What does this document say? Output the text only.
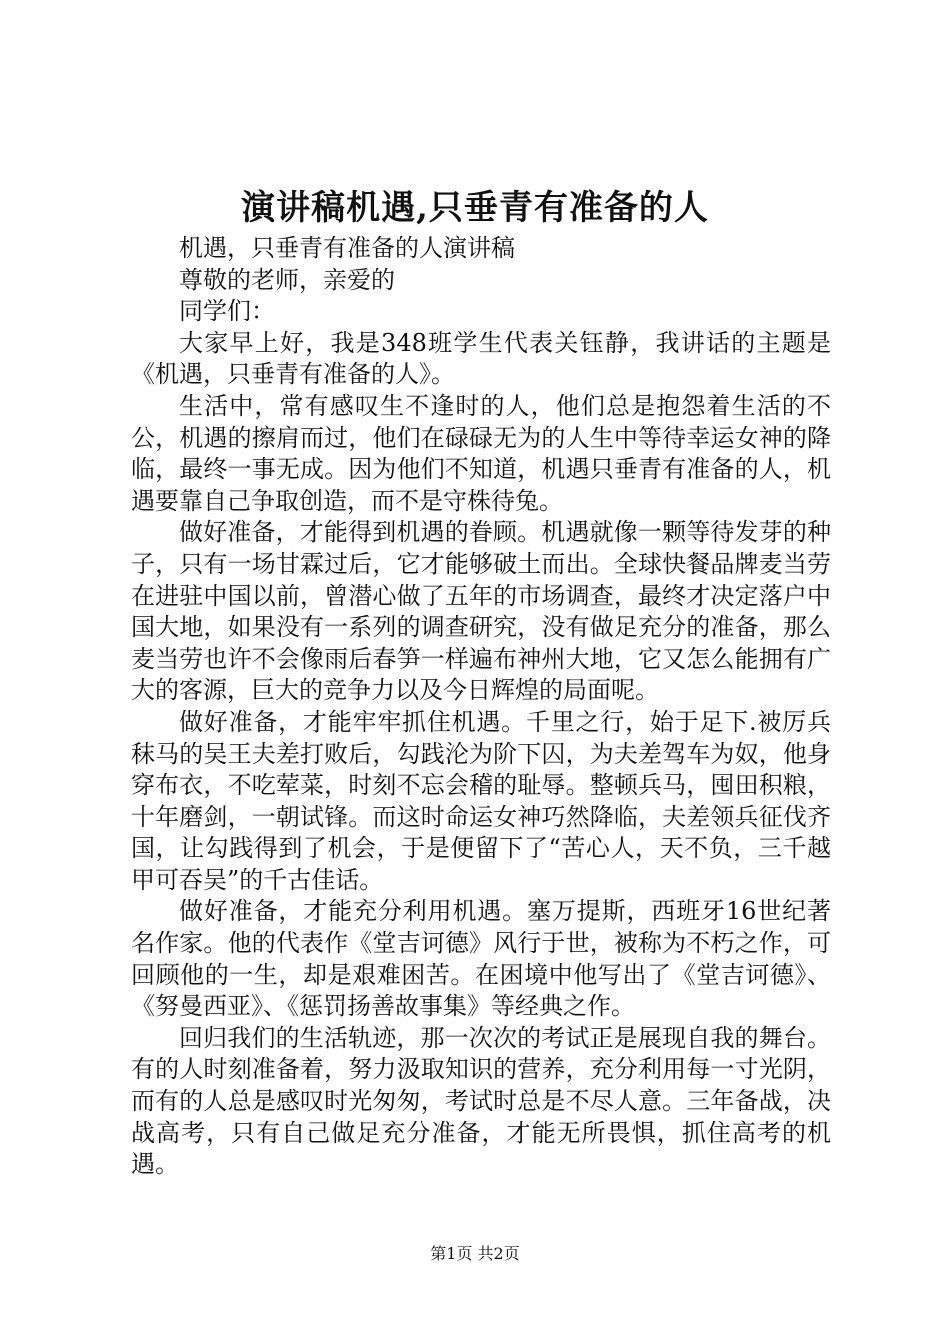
演讲稿机遇,只垂青有准备的人

机遇，只垂青有准备的人演讲稿

尊敬的老师，亲爱的

同学们：

大家早上好，我是348班学生代表关钰静，我讲话的主题是《机遇，只垂青有准备的人》。

生活中，常有感叹生不逢时的人，他们总是抱怨着生活的不公，机遇的擦肩而过，他们在碌碌无为的人生中等待幸运女神的降临，最终一事无成。因为他们不知道，机遇只垂青有准备的人，机遇要靠自己争取创造，而不是守株待兔。

做好准备，才能得到机遇的眷顾。机遇就像一颗等待发芽的种子，只有一场甘霖过后，它才能够破土而出。全球快餐品牌麦当劳在进驻中国以前，曾潜心做了五年的市场调查，最终才决定落户中国大地，如果没有一系列的调查研究，没有做足充分的准备，那么麦当劳也许不会像雨后春笋一样遍布神州大地，它又怎么能拥有广大的客源，巨大的竞争力以及今日辉煌的局面呢。

做好准备，才能牢牢抓住机遇。千里之行，始于足下.被厉兵秣马的吴王夫差打败后，勾践沦为阶下囚，为夫差驾车为奴，他身穿布衣，不吃荤菜，时刻不忘会稽的耻辱。整顿兵马，囤田积粮，十年磨剑，一朝试锋。而这时命运女神巧然降临，夫差领兵征伐齐国，让勾践得到了机会，于是便留下了“苦心人，天不负，三千越甲可吞吴”的千古佳话。

做好准备，才能充分利用机遇。塞万提斯，西班牙16世纪著名作家。他的代表作《堂吉诃德》风行于世，被称为不朽之作，可回顾他的一生，却是艰难困苦。在困境中他写出了《堂吉诃德》、《努曼西亚》、《惩罚扬善故事集》等经典之作。

回归我们的生活轨迹，那一次次的考试正是展现自我的舞台。有的人时刻准备着，努力汲取知识的营养，充分利用每一寸光阴，而有的人总是感叹时光匆匆，考试时总是不尽人意。三年备战，决战高考，只有自己做足充分准备，才能无所畏惧，抓住高考的机遇。

第1页 共2页
